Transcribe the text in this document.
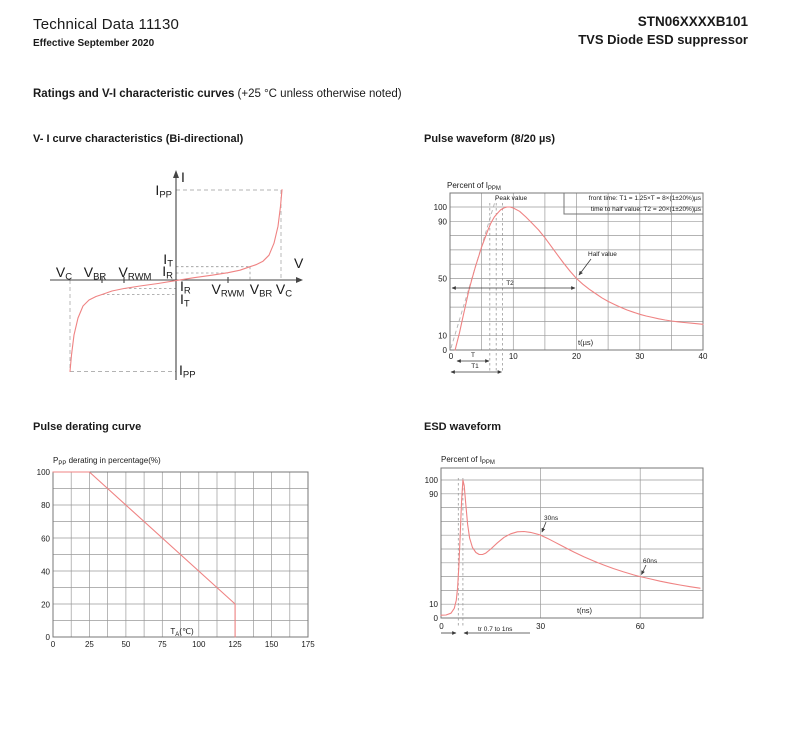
Technical Data 11130
Effective September 2020
STN06XXXXB101
TVS Diode ESD suppressor
Ratings and V-I characteristic curves (+25 °C unless otherwise noted)
V- I curve characteristics (Bi-directional)	Pulse waveform (8/20 µs)
Pulse derating curve	ESD waveform
I
V
IPP
IPP
VC VBR VRWM
IT
IR
IR
IT
VRWM VBR VC
Percent of $I_{PPM}$
Peak value	front time: T1 = 1.25×T = 8×(1±20%)µs
time to half value: T2 = 20×(1±20%)µs
Half value
T2
T
T1
t(µs)
0	10	20	30	40
100
90
50
10
0
$P_{PP}$ derating in percentage(%)
$T_A(℃)$
0	25	50	75	100	125	150	175
100
80
60
40
20
0
Percent of $I_{PPM}$
30ns
60ns
t(ns)
tr 0.7 to 1ns
0	30	60
100
90
10
0
